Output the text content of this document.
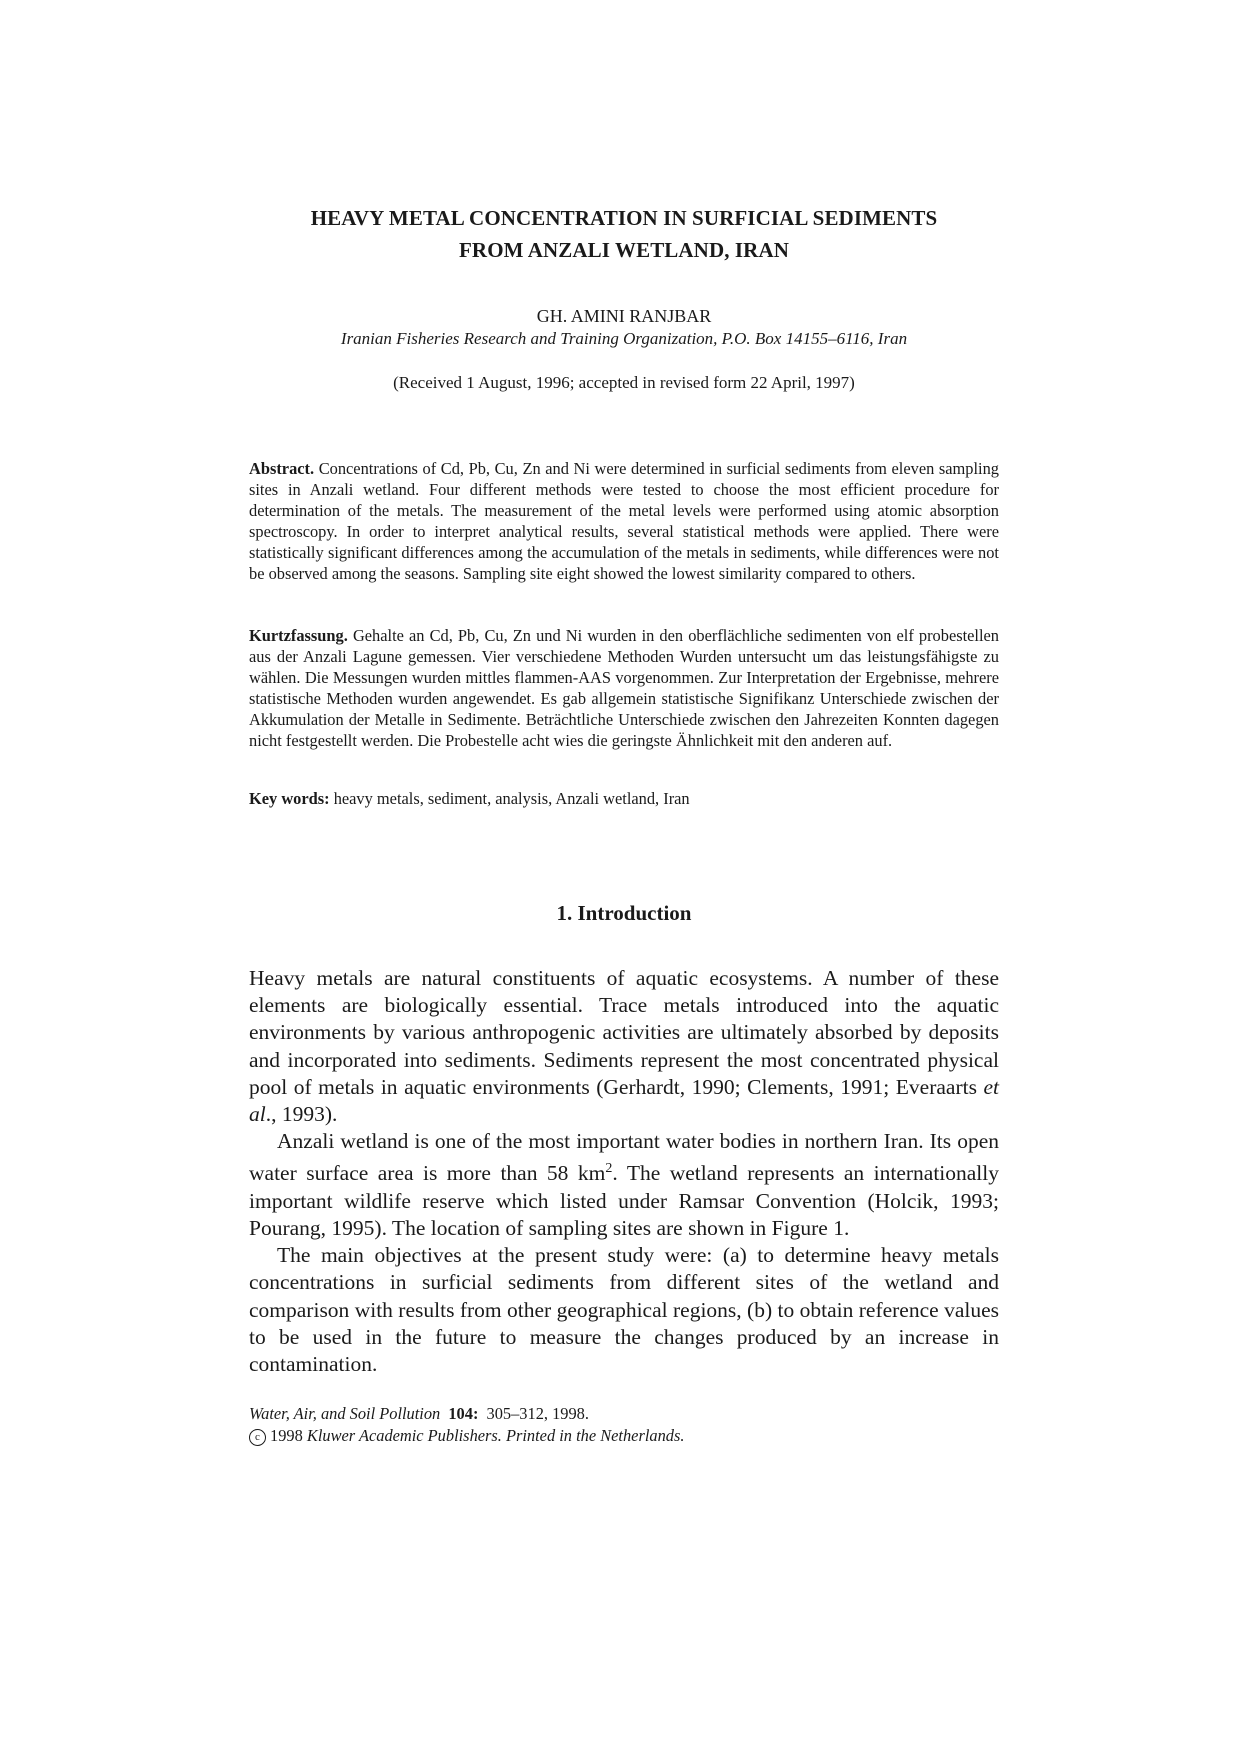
HEAVY METAL CONCENTRATION IN SURFICIAL SEDIMENTS
FROM ANZALI WETLAND, IRAN
GH. AMINI RANJBAR
Iranian Fisheries Research and Training Organization, P.O. Box 14155–6116, Iran
(Received 1 August, 1996; accepted in revised form 22 April, 1997)
Abstract. Concentrations of Cd, Pb, Cu, Zn and Ni were determined in surficial sediments from eleven sampling sites in Anzali wetland. Four different methods were tested to choose the most efficient procedure for determination of the metals. The measurement of the metal levels were performed using atomic absorption spectroscopy. In order to interpret analytical results, several statistical methods were applied. There were statistically significant differences among the accumulation of the metals in sediments, while differences were not be observed among the seasons. Sampling site eight showed the lowest similarity compared to others.
Kurtzfassung. Gehalte an Cd, Pb, Cu, Zn und Ni wurden in den oberflächliche sedimenten von elf probestellen aus der Anzali Lagune gemessen. Vier verschiedene Methoden Wurden untersucht um das leistungsfähigste zu wählen. Die Messungen wurden mittles flammen-AAS vorgenommen. Zur Interpretation der Ergebnisse, mehrere statistische Methoden wurden angewendet. Es gab allgemein statistische Signifikanz Unterschiede zwischen der Akkumulation der Metalle in Sedimente. Beträchtliche Unterschiede zwischen den Jahrezeiten Konnten dagegen nicht festgestellt werden. Die Probestelle acht wies die geringste Ähnlichkeit mit den anderen auf.
Key words: heavy metals, sediment, analysis, Anzali wetland, Iran
1. Introduction

Heavy metals are natural constituents of aquatic ecosystems. A number of these elements are biologically essential. Trace metals introduced into the aquatic environments by various anthropogenic activities are ultimately absorbed by deposits and incorporated into sediments. Sediments represent the most concentrated physical pool of metals in aquatic environments (Gerhardt, 1990; Clements, 1991; Everaarts et al., 1993).

Anzali wetland is one of the most important water bodies in northern Iran. Its open water surface area is more than 58 $km^2$. The wetland represents an internationally important wildlife reserve which listed under Ramsar Convention (Holcik, 1993; Pourang, 1995). The location of sampling sites are shown in Figure 1.

The main objectives at the present study were: (a) to determine heavy metals concentrations in surficial sediments from different sites of the wetland and comparison with results from other geographical regions, (b) to obtain reference values to be used in the future to measure the changes produced by an increase in contamination.

Water, Air, and Soil Pollution 104: 305–312, 1998.
c 1998 Kluwer Academic Publishers. Printed in the Netherlands.
